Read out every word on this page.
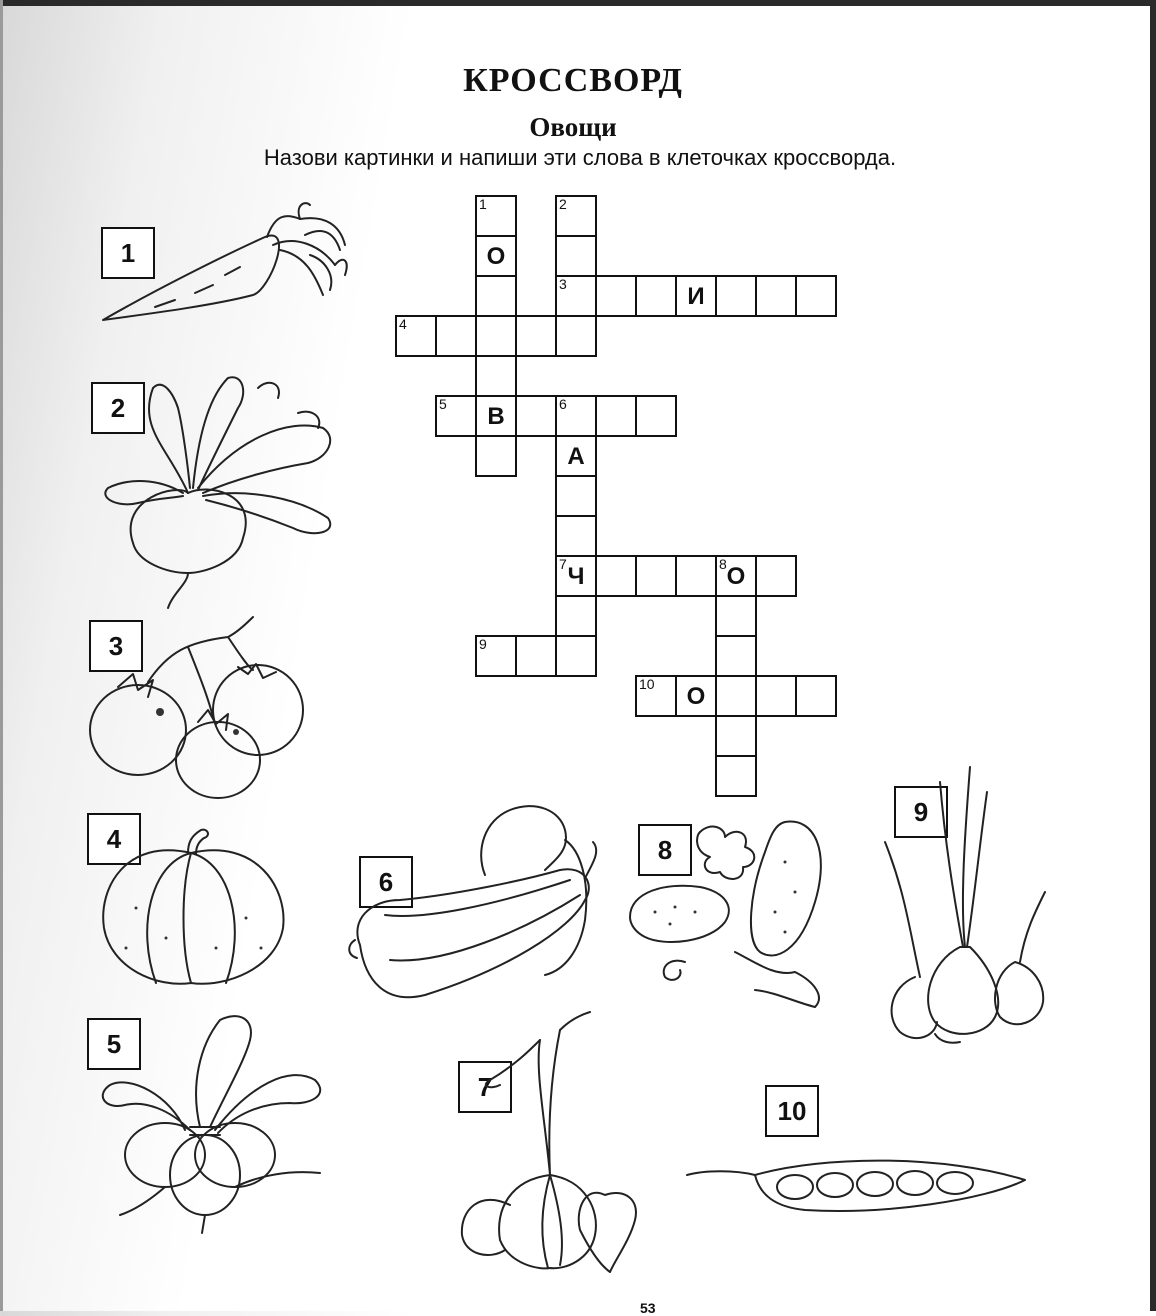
КРОССВОРД
Овощи
Назови картинки и напиши эти слова в клеточках кроссворда.
1
О
В
2
3	И
4
5	6
А
7 Ч	8 О
9
10	О
1
2
3
4
5
6
7
8
9
10
53
